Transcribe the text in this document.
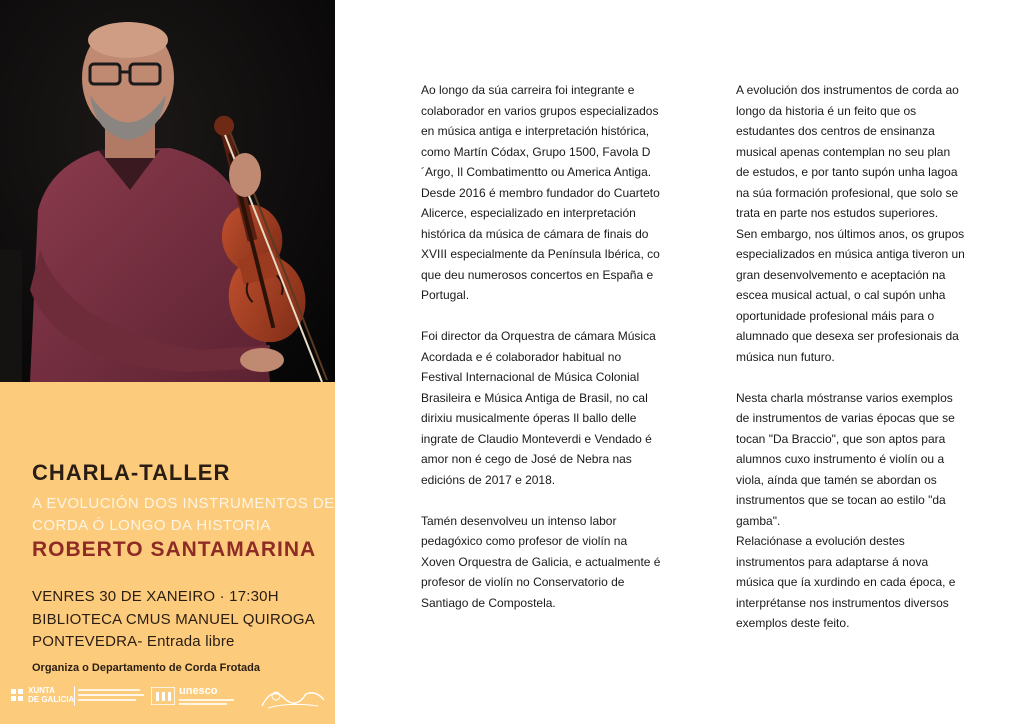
CHARLA-TALLER
A EVOLUCIÓN DOS INSTRUMENTOS DE
CORDA Ó LONGO DA HISTORIA
ROBERTO SANTAMARINA
VENRES 30 DE XANEIRO · 17:30H
BIBLIOTECA CMUS MANUEL QUIROGA
PONTEVEDRA- Entrada libre
Organiza o Departamento de Corda Frotada
XUNTA
DE GALICIA
unesco

Ao longo da súa carreira foi integrante e
colaborador en varios grupos especializados
en música antiga e interpretación histórica,
como Martín Códax, Grupo 1500, Favola D
´Argo, Il Combatimentto ou America Antiga.
Desde 2016 é membro fundador do Cuarteto
Alicerce, especializado en interpretación
histórica da música de cámara de finais do
XVIII especialmente da Península Ibérica, co
que deu numerosos concertos en España e
Portugal.

Foi director da Orquestra de cámara Música
Acordada e é colaborador habitual no
Festival Internacional de Música Colonial
Brasileira e Música Antiga de Brasil, no cal
dirixiu musicalmente óperas Il ballo delle
ingrate de Claudio Monteverdi e Vendado é
amor non é cego de José de Nebra nas
edicións de 2017 e 2018.

Tamén desenvolveu un intenso labor
pedagóxico como profesor de violín na
Xoven Orquestra de Galicia, e actualmente é
profesor de violín no Conservatorio de
Santiago de Compostela.

A evolución dos instrumentos de corda ao
longo da historia é un feito que os
estudantes dos centros de ensinanza
musical apenas contemplan no seu plan
de estudos, e por tanto supón unha lagoa
na súa formación profesional, que solo se
trata en parte nos estudos superiores.
Sen embargo, nos últimos anos, os grupos
especializados en música antiga tiveron un
gran desenvolvemento e aceptación na
escea musical actual, o cal supón unha
oportunidade profesional máis para o
alumnado que desexa ser profesionais da
música nun futuro.

Nesta charla móstranse varios exemplos
de instrumentos de varias épocas que se
tocan "Da Braccio", que son aptos para
alumnos cuxo instrumento é violín ou a
viola, aínda que tamén se abordan os
instrumentos que se tocan ao estilo "da
gamba".
Relaciónase a evolución destes
instrumentos para adaptarse á nova
música que ía xurdindo en cada época, e
interprétanse nos instrumentos diversos
exemplos deste feito.
